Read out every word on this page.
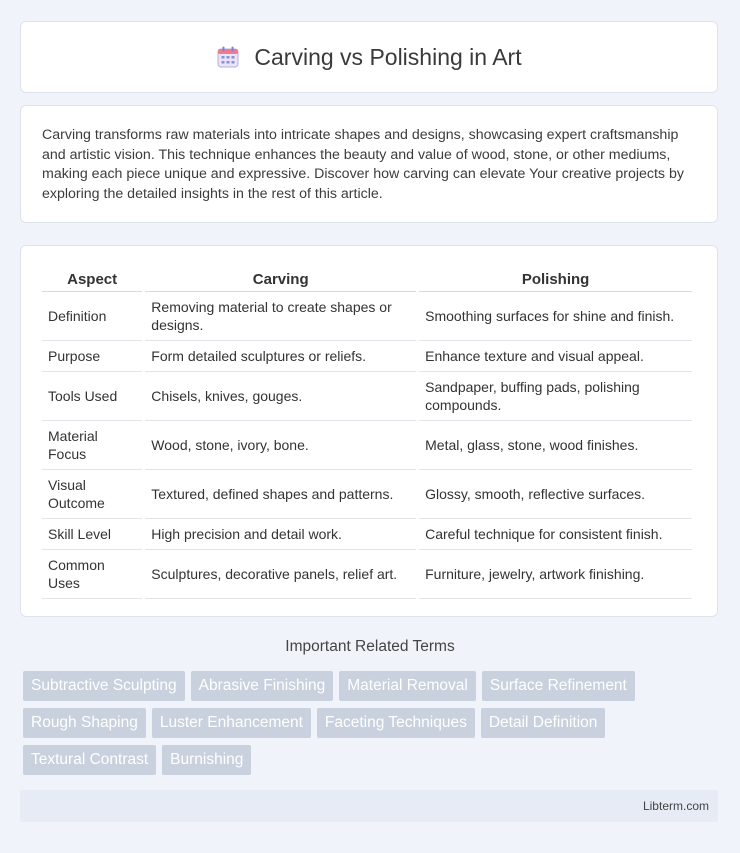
Carving vs Polishing in Art

Carving transforms raw materials into intricate shapes and designs, showcasing expert craftsmanship and artistic vision. This technique enhances the beauty and value of wood, stone, or other mediums, making each piece unique and expressive. Discover how carving can elevate Your creative projects by exploring the detailed insights in the rest of this article.

Aspect	Carving	Polishing
Definition	Removing material to create shapes or designs.	Smoothing surfaces for shine and finish.
Purpose	Form detailed sculptures or reliefs.	Enhance texture and visual appeal.
Tools Used	Chisels, knives, gouges.	Sandpaper, buffing pads, polishing compounds.
Material Focus	Wood, stone, ivory, bone.	Metal, glass, stone, wood finishes.
Visual Outcome	Textured, defined shapes and patterns.	Glossy, smooth, reflective surfaces.
Skill Level	High precision and detail work.	Careful technique for consistent finish.
Common Uses	Sculptures, decorative panels, relief art.	Furniture, jewelry, artwork finishing.
Important Related Terms
Subtractive Sculpting	Abrasive Finishing	Material Removal	Surface Refinement
Rough Shaping	Luster Enhancement	Faceting Techniques	Detail Definition
Textural Contrast	Burnishing
Libterm.com
